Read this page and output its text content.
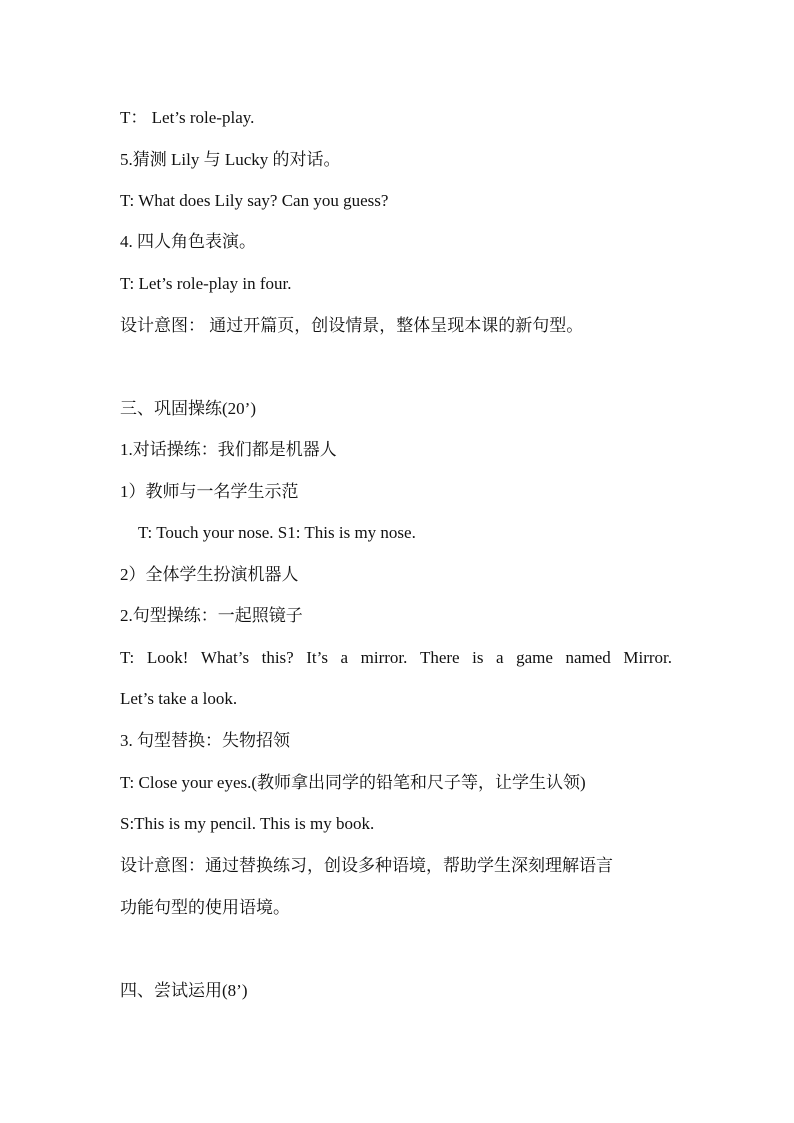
T： Let’s role-play.
5.猜测 Lily 与 Lucky 的对话。
T: What does Lily say? Can you guess?
4. 四人角色表演。
T: Let’s role-play in four.
设计意图： 通过开篇页，创设情景，整体呈现本课的新句型。
三、巩固操练(20’)
1.对话操练：我们都是机器人
1）教师与一名学生示范
T: Touch your nose. S1: This is my nose.
2）全体学生扮演机器人
2.句型操练：一起照镜子
T: Look! What’s this? It’s a mirror. There is a game named Mirror.
Let’s take a look.
3. 句型替换：失物招领
T: Close your eyes.(教师拿出同学的铅笔和尺子等，让学生认领)
S:This is my pencil. This is my book.
设计意图：通过替换练习，创设多种语境，帮助学生深刻理解语言
功能句型的使用语境。
四、尝试运用(8’)
